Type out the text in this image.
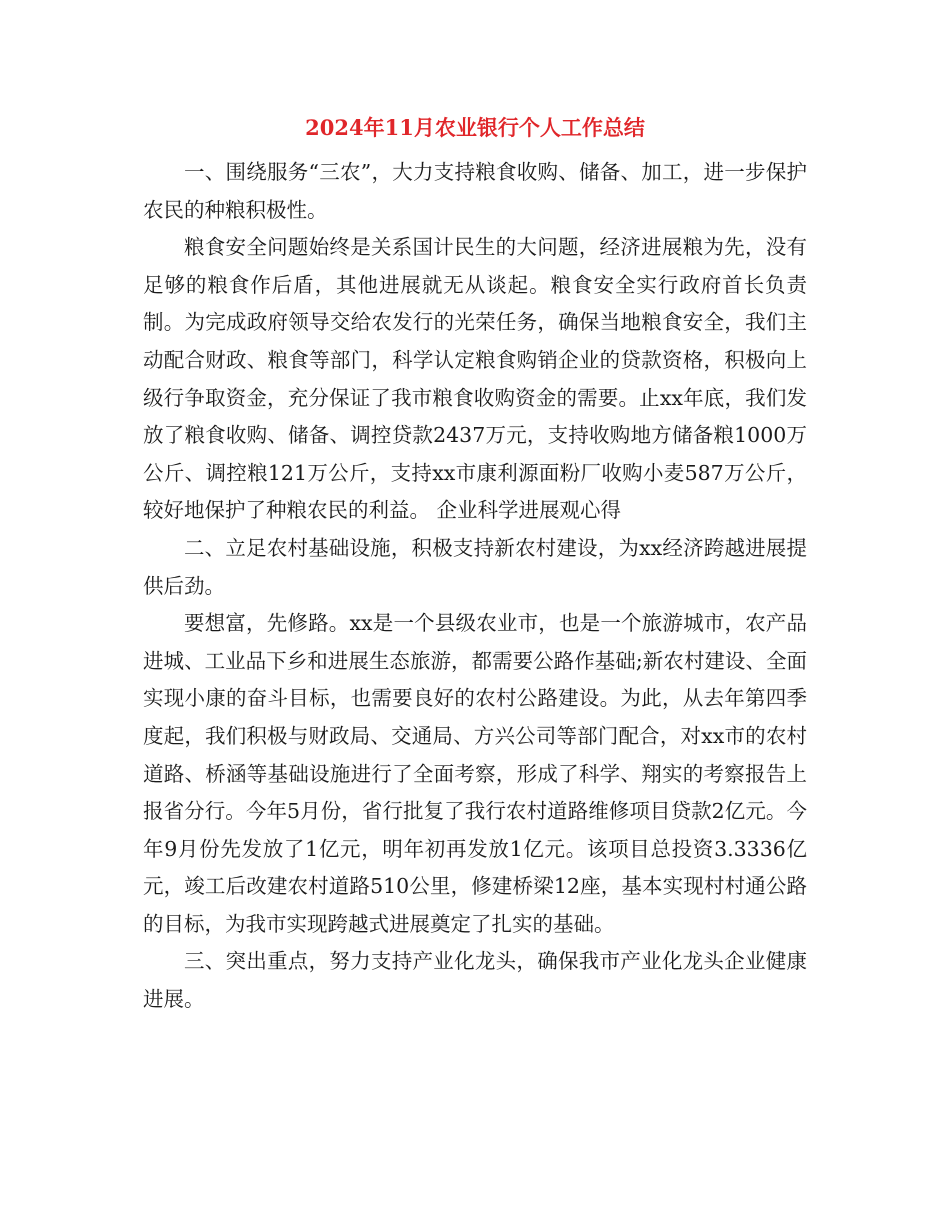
2024年11月农业银行个人工作总结

一、围绕服务“三农”，大力支持粮食收购、储备、加工，进一步保护农民的种粮积极性。

粮食安全问题始终是关系国计民生的大问题，经济进展粮为先，没有足够的粮食作后盾，其他进展就无从谈起。粮食安全实行政府首长负责制。为完成政府领导交给农发行的光荣任务，确保当地粮食安全，我们主动配合财政、粮食等部门，科学认定粮食购销企业的贷款资格，积极向上级行争取资金，充分保证了我市粮食收购资金的需要。止xx年底，我们发放了粮食收购、储备、调控贷款2437万元，支持收购地方储备粮1000万公斤、调控粮121万公斤，支持xx市康利源面粉厂收购小麦587万公斤，较好地保护了种粮农民的利益。 企业科学进展观心得

二、立足农村基础设施，积极支持新农村建设，为xx经济跨越进展提供后劲。

要想富，先修路。xx是一个县级农业市，也是一个旅游城市，农产品进城、工业品下乡和进展生态旅游，都需要公路作基础;新农村建设、全面实现小康的奋斗目标，也需要良好的农村公路建设。为此，从去年第四季度起，我们积极与财政局、交通局、方兴公司等部门配合，对xx市的农村道路、桥涵等基础设施进行了全面考察，形成了科学、翔实的考察报告上报省分行。今年5月份，省行批复了我行农村道路维修项目贷款2亿元。今年9月份先发放了1亿元，明年初再发放1亿元。该项目总投资3.3336亿元，竣工后改建农村道路510公里，修建桥梁12座，基本实现村村通公路的目标，为我市实现跨越式进展奠定了扎实的基础。

三、突出重点，努力支持产业化龙头，确保我市产业化龙头企业健康进展。
